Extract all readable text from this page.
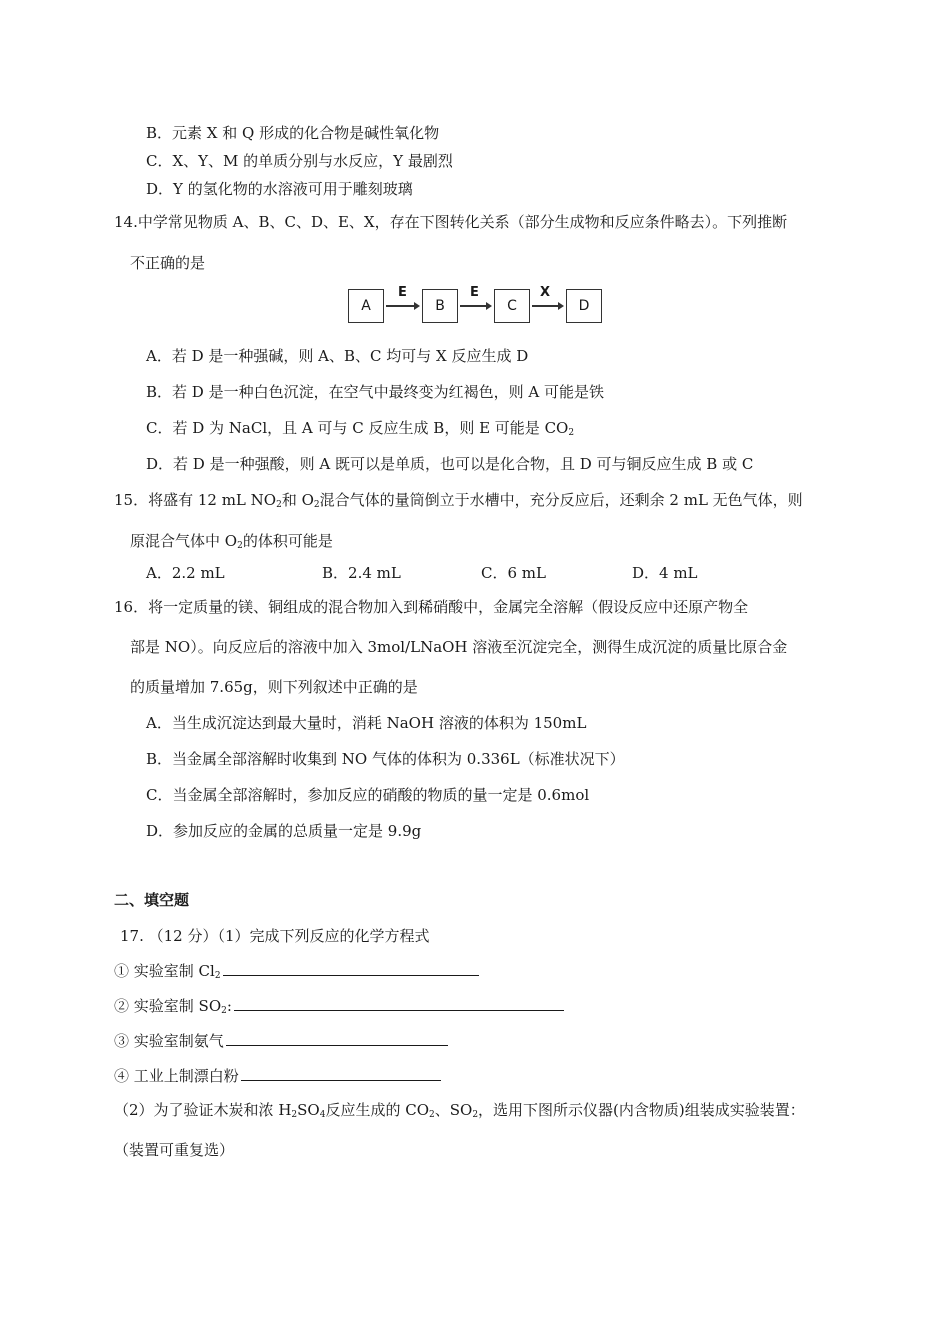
B．元素 X 和 Q 形成的化合物是碱性氧化物
C．X、Y、M 的单质分别与水反应，Y 最剧烈
D．Y 的氢化物的水溶液可用于雕刻玻璃
14.中学常见物质 A、B、C、D、E、X，存在下图转化关系（部分生成物和反应条件略去）。下列推断
不正确的是
A
E
B
E
C
X
D
A．若 D 是一种强碱，则 A、B、C 均可与 X 反应生成 D
B．若 D 是一种白色沉淀，在空气中最终变为红褐色，则 A 可能是铁
C．若 D 为 NaCl，且 A 可与 C 反应生成 B，则 E 可能是 $CO_2$
D．若 D 是一种强酸，则 A 既可以是单质，也可以是化合物，且 D 可与铜反应生成 B 或 C
15．将盛有 12 mL $NO_2$和 $O_2$混合气体的量筒倒立于水槽中，充分反应后，还剩余 2 mL 无色气体，则
原混合气体中 $O_2$的体积可能是
A．2.2 mL	B．2.4 mL	C．6 mL	D．4 mL
16．将一定质量的镁、铜组成的混合物加入到稀硝酸中，金属完全溶解（假设反应中还原产物全
部是 NO）。向反应后的溶液中加入 3mol/LNaOH 溶液至沉淀完全，测得生成沉淀的质量比原合金
的质量增加 7.65g，则下列叙述中正确的是
A．当生成沉淀达到最大量时，消耗 NaOH 溶液的体积为 150mL
B．当金属全部溶解时收集到 NO 气体的体积为 0.336L（标准状况下）
C．当金属全部溶解时，参加反应的硝酸的物质的量一定是 0.6mol
D．参加反应的金属的总质量一定是 9.9g
二、填空题
17. （12 分）（1）完成下列反应的化学方程式
① 实验室制 $Cl_2$
② 实验室制 $SO_2$:
③ 实验室制氨气
④ 工业上制漂白粉
（2）为了验证木炭和浓 $H_2SO_4$反应生成的 $CO_2$、$SO_2$，选用下图所示仪器(内含物质)组装成实验装置：
（装置可重复选）
